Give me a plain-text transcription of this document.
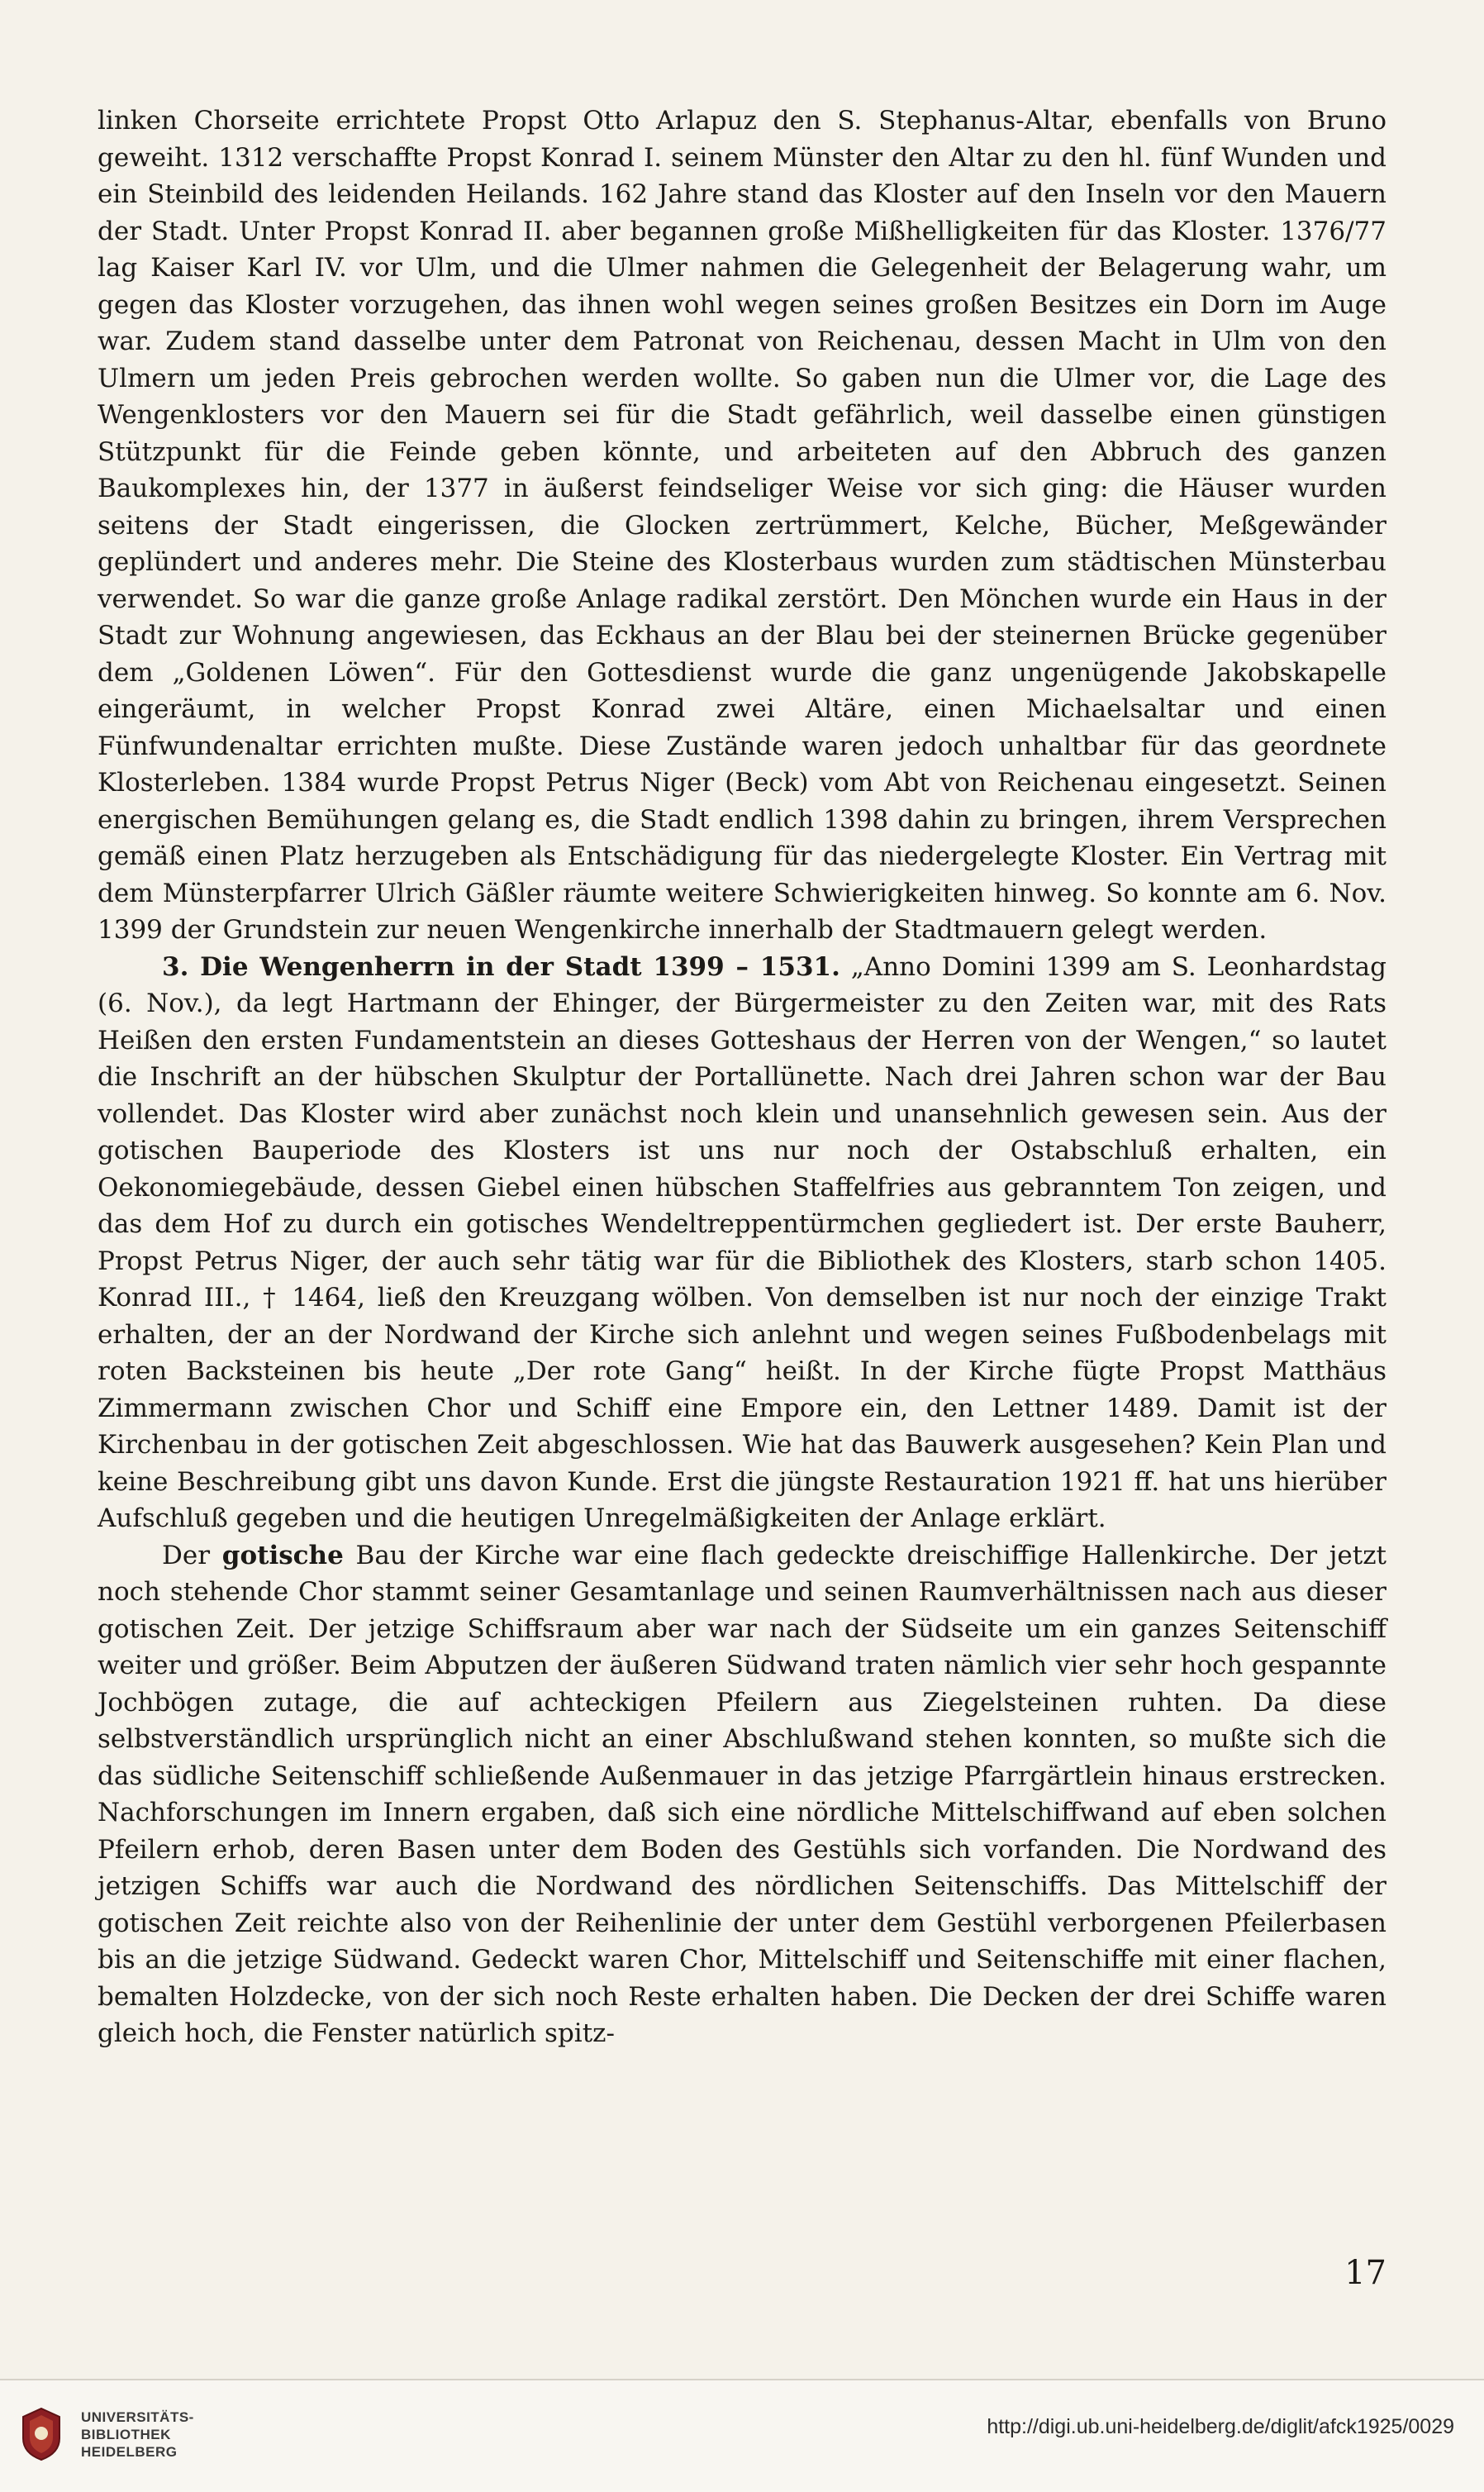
linken Chorseite errichtete Propst Otto Arlapuz den S. Stephanus-Altar, ebenfalls von Bruno geweiht. 1312 verschaffte Propst Konrad I. seinem Münster den Altar zu den hl. fünf Wunden und ein Steinbild des leidenden Heilands. 162 Jahre stand das Kloster auf den Inseln vor den Mauern der Stadt. Unter Propst Konrad II. aber begannen große Mißhelligkeiten für das Kloster. 1376/77 lag Kaiser Karl IV. vor Ulm, und die Ulmer nahmen die Gelegenheit der Belagerung wahr, um gegen das Kloster vorzugehen, das ihnen wohl wegen seines großen Besitzes ein Dorn im Auge war. Zudem stand dasselbe unter dem Patronat von Reichenau, dessen Macht in Ulm von den Ulmern um jeden Preis gebrochen werden wollte. So gaben nun die Ulmer vor, die Lage des Wengenklosters vor den Mauern sei für die Stadt gefährlich, weil dasselbe einen günstigen Stützpunkt für die Feinde geben könnte, und arbeiteten auf den Abbruch des ganzen Baukomplexes hin, der 1377 in äußerst feindseliger Weise vor sich ging: die Häuser wurden seitens der Stadt eingerissen, die Glocken zertrümmert, Kelche, Bücher, Meßgewänder geplündert und anderes mehr. Die Steine des Klosterbaus wurden zum städtischen Münsterbau verwendet. So war die ganze große Anlage radikal zerstört. Den Mönchen wurde ein Haus in der Stadt zur Wohnung angewiesen, das Eckhaus an der Blau bei der steinernen Brücke gegenüber dem „Goldenen Löwen“. Für den Gottesdienst wurde die ganz ungenügende Jakobskapelle eingeräumt, in welcher Propst Konrad zwei Altäre, einen Michaelsaltar und einen Fünfwundenaltar errichten mußte. Diese Zustände waren jedoch unhaltbar für das geordnete Klosterleben. 1384 wurde Propst Petrus Niger (Beck) vom Abt von Reichenau eingesetzt. Seinen energischen Bemühungen gelang es, die Stadt endlich 1398 dahin zu bringen, ihrem Versprechen gemäß einen Platz herzugeben als Entschädigung für das niedergelegte Kloster. Ein Vertrag mit dem Münsterpfarrer Ulrich Gäßler räumte weitere Schwierigkeiten hinweg. So konnte am 6. Nov. 1399 der Grundstein zur neuen Wengenkirche innerhalb der Stadtmauern gelegt werden.

3. Die Wengenherrn in der Stadt 1399 – 1531. „Anno Domini 1399 am S. Leonhardstag (6. Nov.), da legt Hartmann der Ehinger, der Bürgermeister zu den Zeiten war, mit des Rats Heißen den ersten Fundamentstein an dieses Gotteshaus der Herren von der Wengen,“ so lautet die Inschrift an der hübschen Skulptur der Portallünette. Nach drei Jahren schon war der Bau vollendet. Das Kloster wird aber zunächst noch klein und unansehnlich gewesen sein. Aus der gotischen Bauperiode des Klosters ist uns nur noch der Ostabschluß erhalten, ein Oekonomiegebäude, dessen Giebel einen hübschen Staffelfries aus gebranntem Ton zeigen, und das dem Hof zu durch ein gotisches Wendeltreppentürmchen gegliedert ist. Der erste Bauherr, Propst Petrus Niger, der auch sehr tätig war für die Bibliothek des Klosters, starb schon 1405. Konrad III., † 1464, ließ den Kreuzgang wölben. Von demselben ist nur noch der einzige Trakt erhalten, der an der Nordwand der Kirche sich anlehnt und wegen seines Fußbodenbelags mit roten Backsteinen bis heute „Der rote Gang“ heißt. In der Kirche fügte Propst Matthäus Zimmermann zwischen Chor und Schiff eine Empore ein, den Lettner 1489. Damit ist der Kirchenbau in der gotischen Zeit abgeschlossen. Wie hat das Bauwerk ausgesehen? Kein Plan und keine Beschreibung gibt uns davon Kunde. Erst die jüngste Restauration 1921 ff. hat uns hierüber Aufschluß gegeben und die heutigen Unregelmäßigkeiten der Anlage erklärt.

Der gotische Bau der Kirche war eine flach gedeckte dreischiffige Hallenkirche. Der jetzt noch stehende Chor stammt seiner Gesamtanlage und seinen Raumverhältnissen nach aus dieser gotischen Zeit. Der jetzige Schiffsraum aber war nach der Südseite um ein ganzes Seitenschiff weiter und größer. Beim Abputzen der äußeren Südwand traten nämlich vier sehr hoch gespannte Jochbögen zutage, die auf achteckigen Pfeilern aus Ziegelsteinen ruhten. Da diese selbstverständlich ursprünglich nicht an einer Abschlußwand stehen konnten, so mußte sich die das südliche Seitenschiff schließende Außenmauer in das jetzige Pfarrgärtlein hinaus erstrecken. Nachforschungen im Innern ergaben, daß sich eine nördliche Mittelschiffwand auf eben solchen Pfeilern erhob, deren Basen unter dem Boden des Gestühls sich vorfanden. Die Nordwand des jetzigen Schiffs war auch die Nordwand des nördlichen Seitenschiffs. Das Mittelschiff der gotischen Zeit reichte also von der Reihenlinie der unter dem Gestühl verborgenen Pfeilerbasen bis an die jetzige Südwand. Gedeckt waren Chor, Mittelschiff und Seitenschiffe mit einer flachen, bemalten Holzdecke, von der sich noch Reste erhalten haben. Die Decken der drei Schiffe waren gleich hoch, die Fenster natürlich spitz-

17
UNIVERSITÄTS-
BIBLIOTHEK
HEIDELBERG
http://digi.ub.uni-heidelberg.de/diglit/afck1925/0029
